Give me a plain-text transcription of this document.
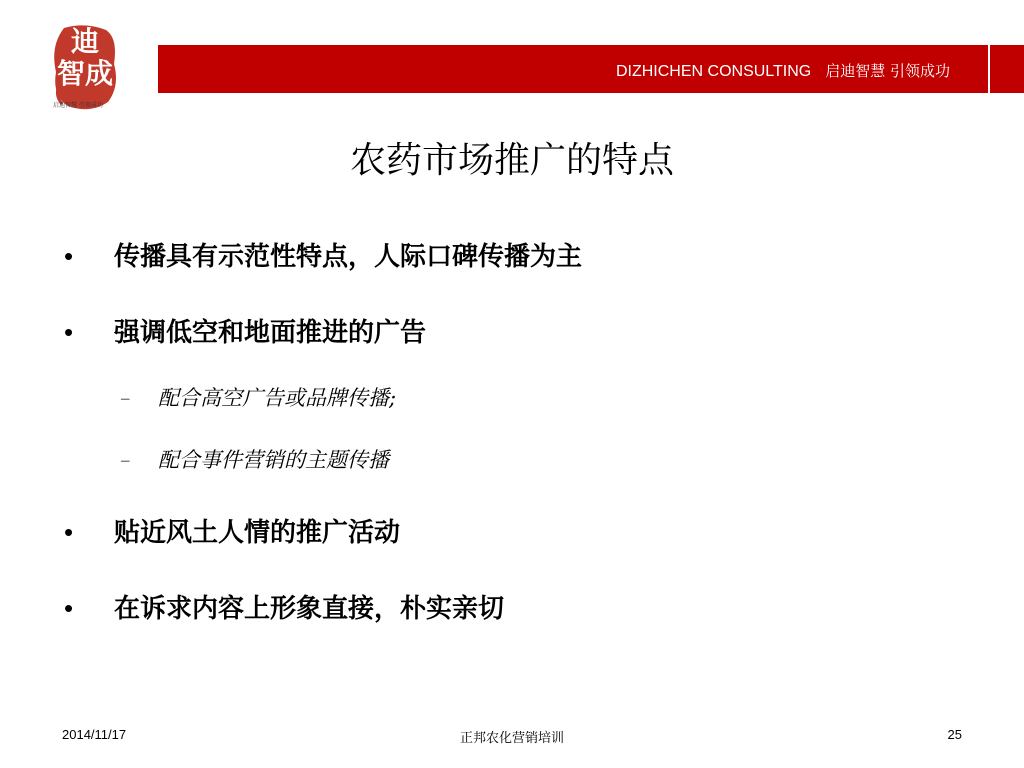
迪
智成
启迪智慧 引领成功
DIZHICHEN CONSULTING 启迪智慧 引领成功
农药市场推广的特点
• 传播具有示范性特点，人际口碑传播为主
• 强调低空和地面推进的广告
– 配合高空广告或品牌传播;
– 配合事件营销的主题传播
• 贴近风土人情的推广活动
• 在诉求内容上形象直接，朴实亲切
2014/11/17	正邦农化营销培训	25
